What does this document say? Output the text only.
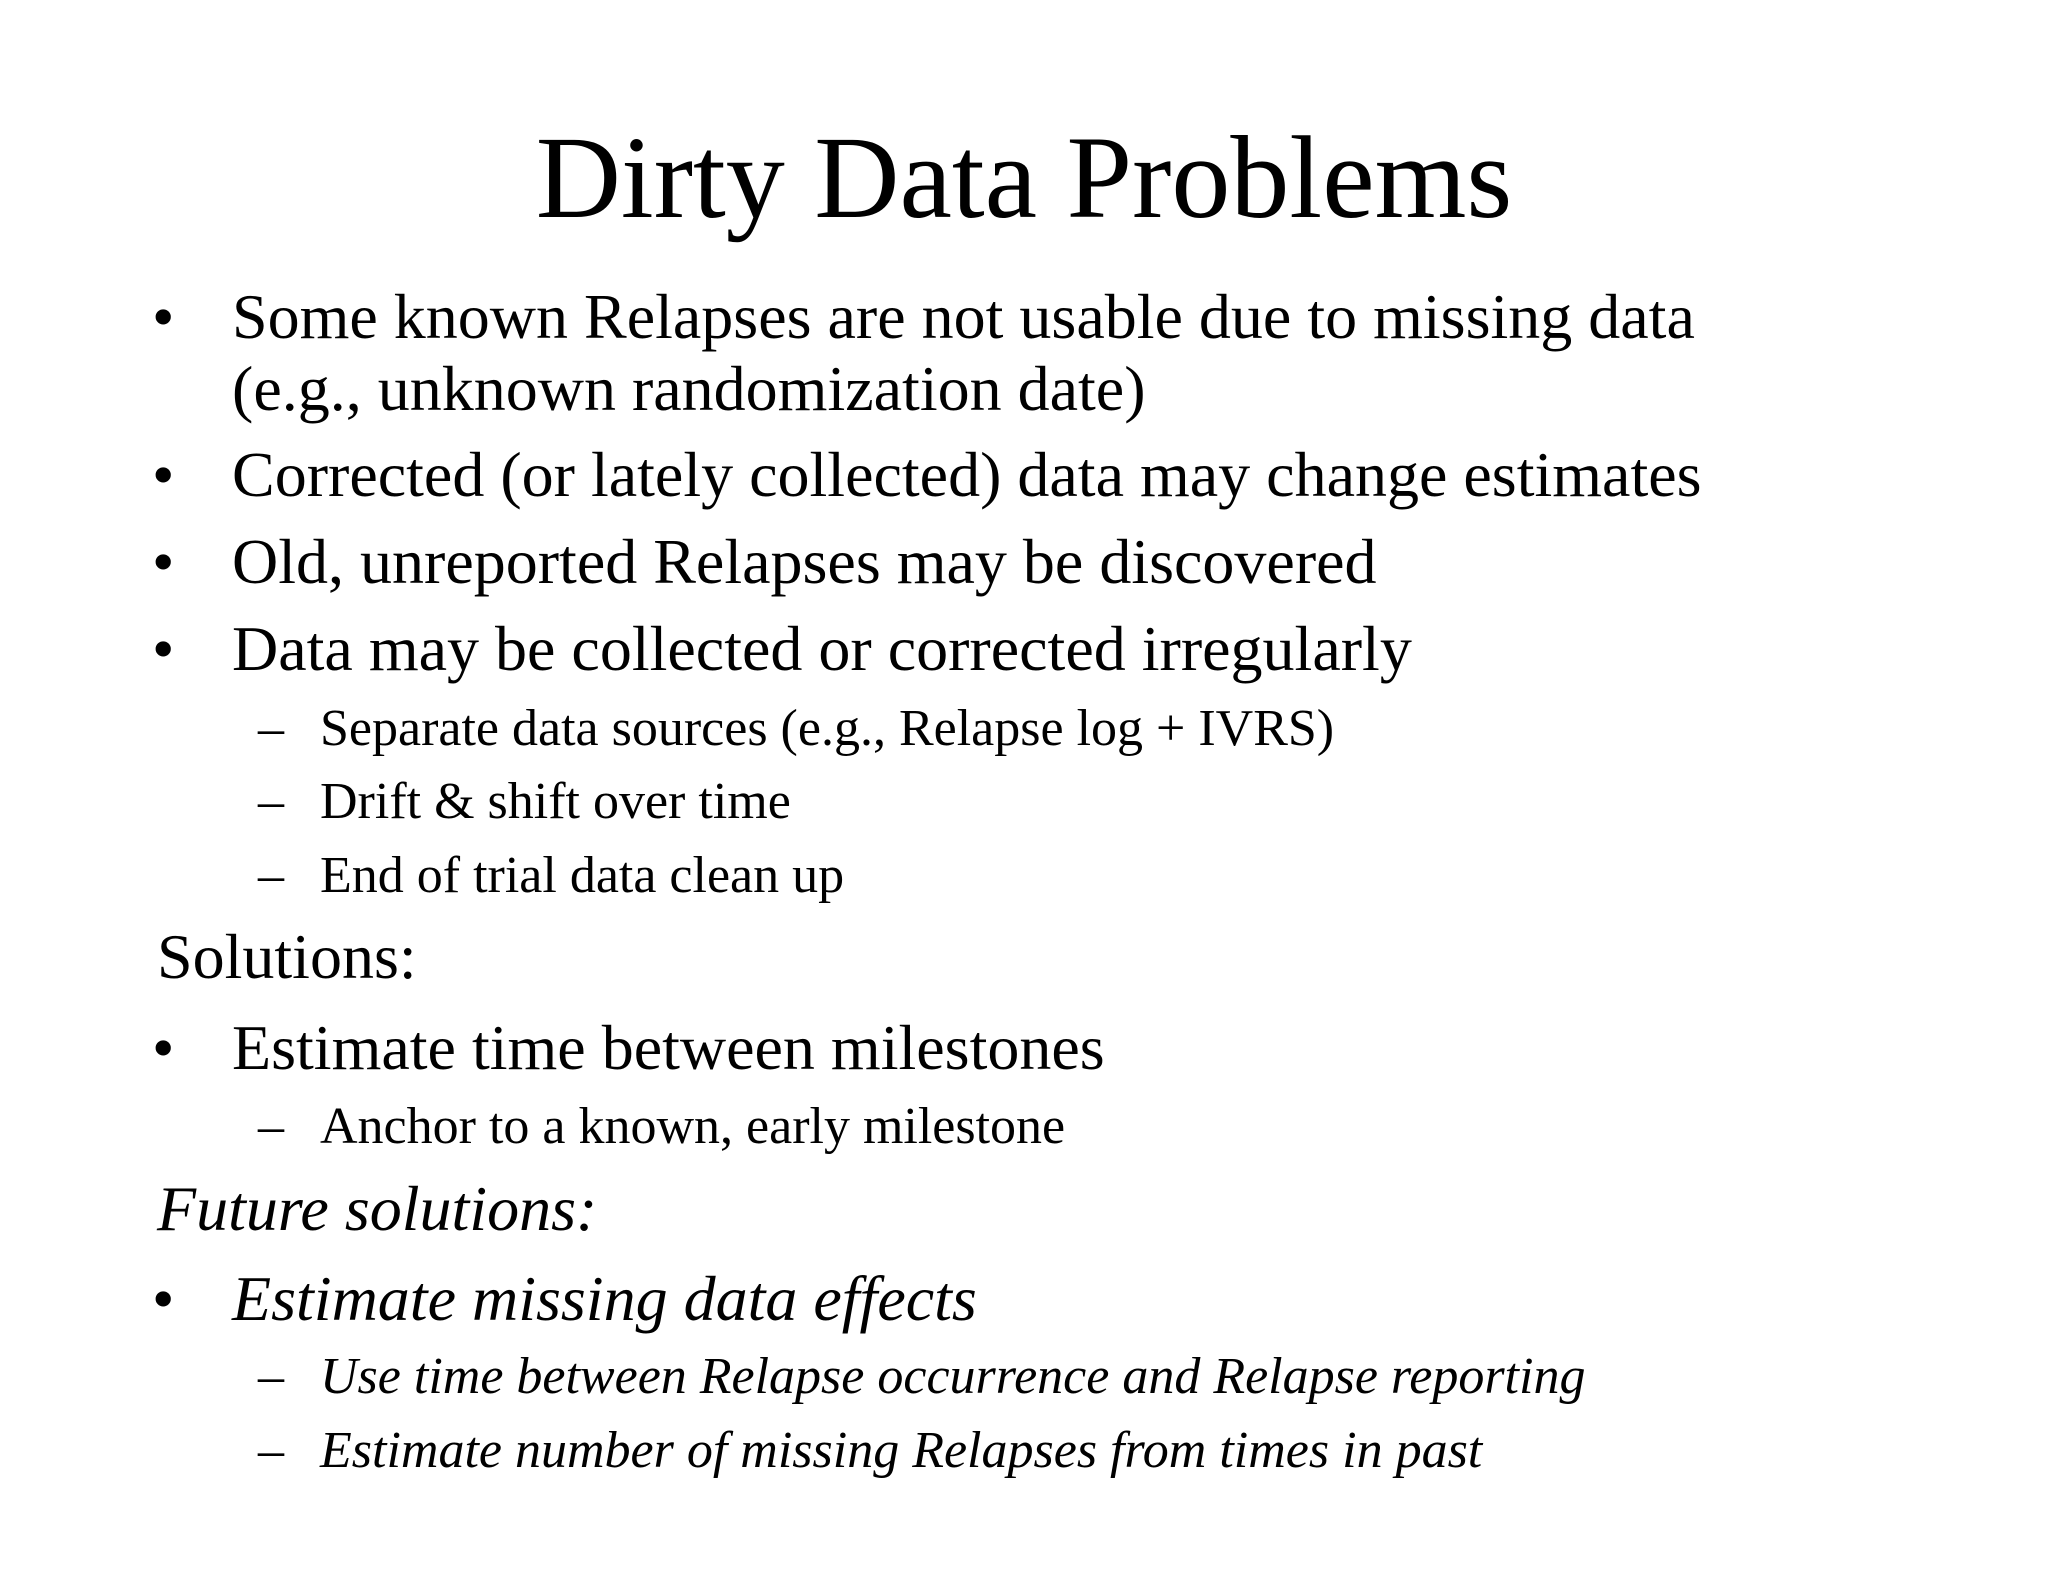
Dirty Data Problems
• Some known Relapses are not usable due to missing data
(e.g., unknown randomization date)
• Corrected (or lately collected) data may change estimates
• Old, unreported Relapses may be discovered
• Data may be collected or corrected irregularly
– Separate data sources (e.g., Relapse log + IVRS)
– Drift & shift over time
– End of trial data clean up
Solutions:
• Estimate time between milestones
– Anchor to a known, early milestone
Future solutions:
• Estimate missing data effects
– Use time between Relapse occurrence and Relapse reporting
– Estimate number of missing Relapses from times in past
